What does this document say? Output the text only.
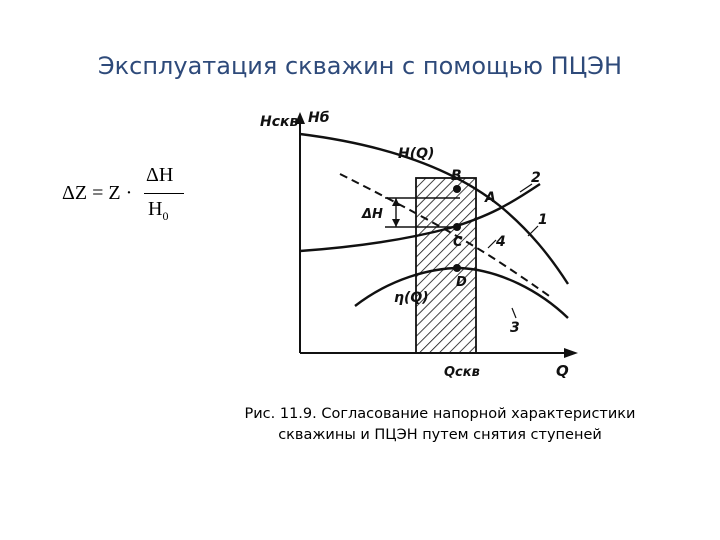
Эксплуатация скважин с помощью ПЦЭН
ΔZ = Z ·
ΔH
$H_0$
Hскв Hб
Q
Qскв
H(Q)
η(Q)
ΔH
B
A
C
D
1
2
3
4
Рис. 11.9. Согласование напорной характеристики
скважины и ПЦЭН путем снятия ступеней
